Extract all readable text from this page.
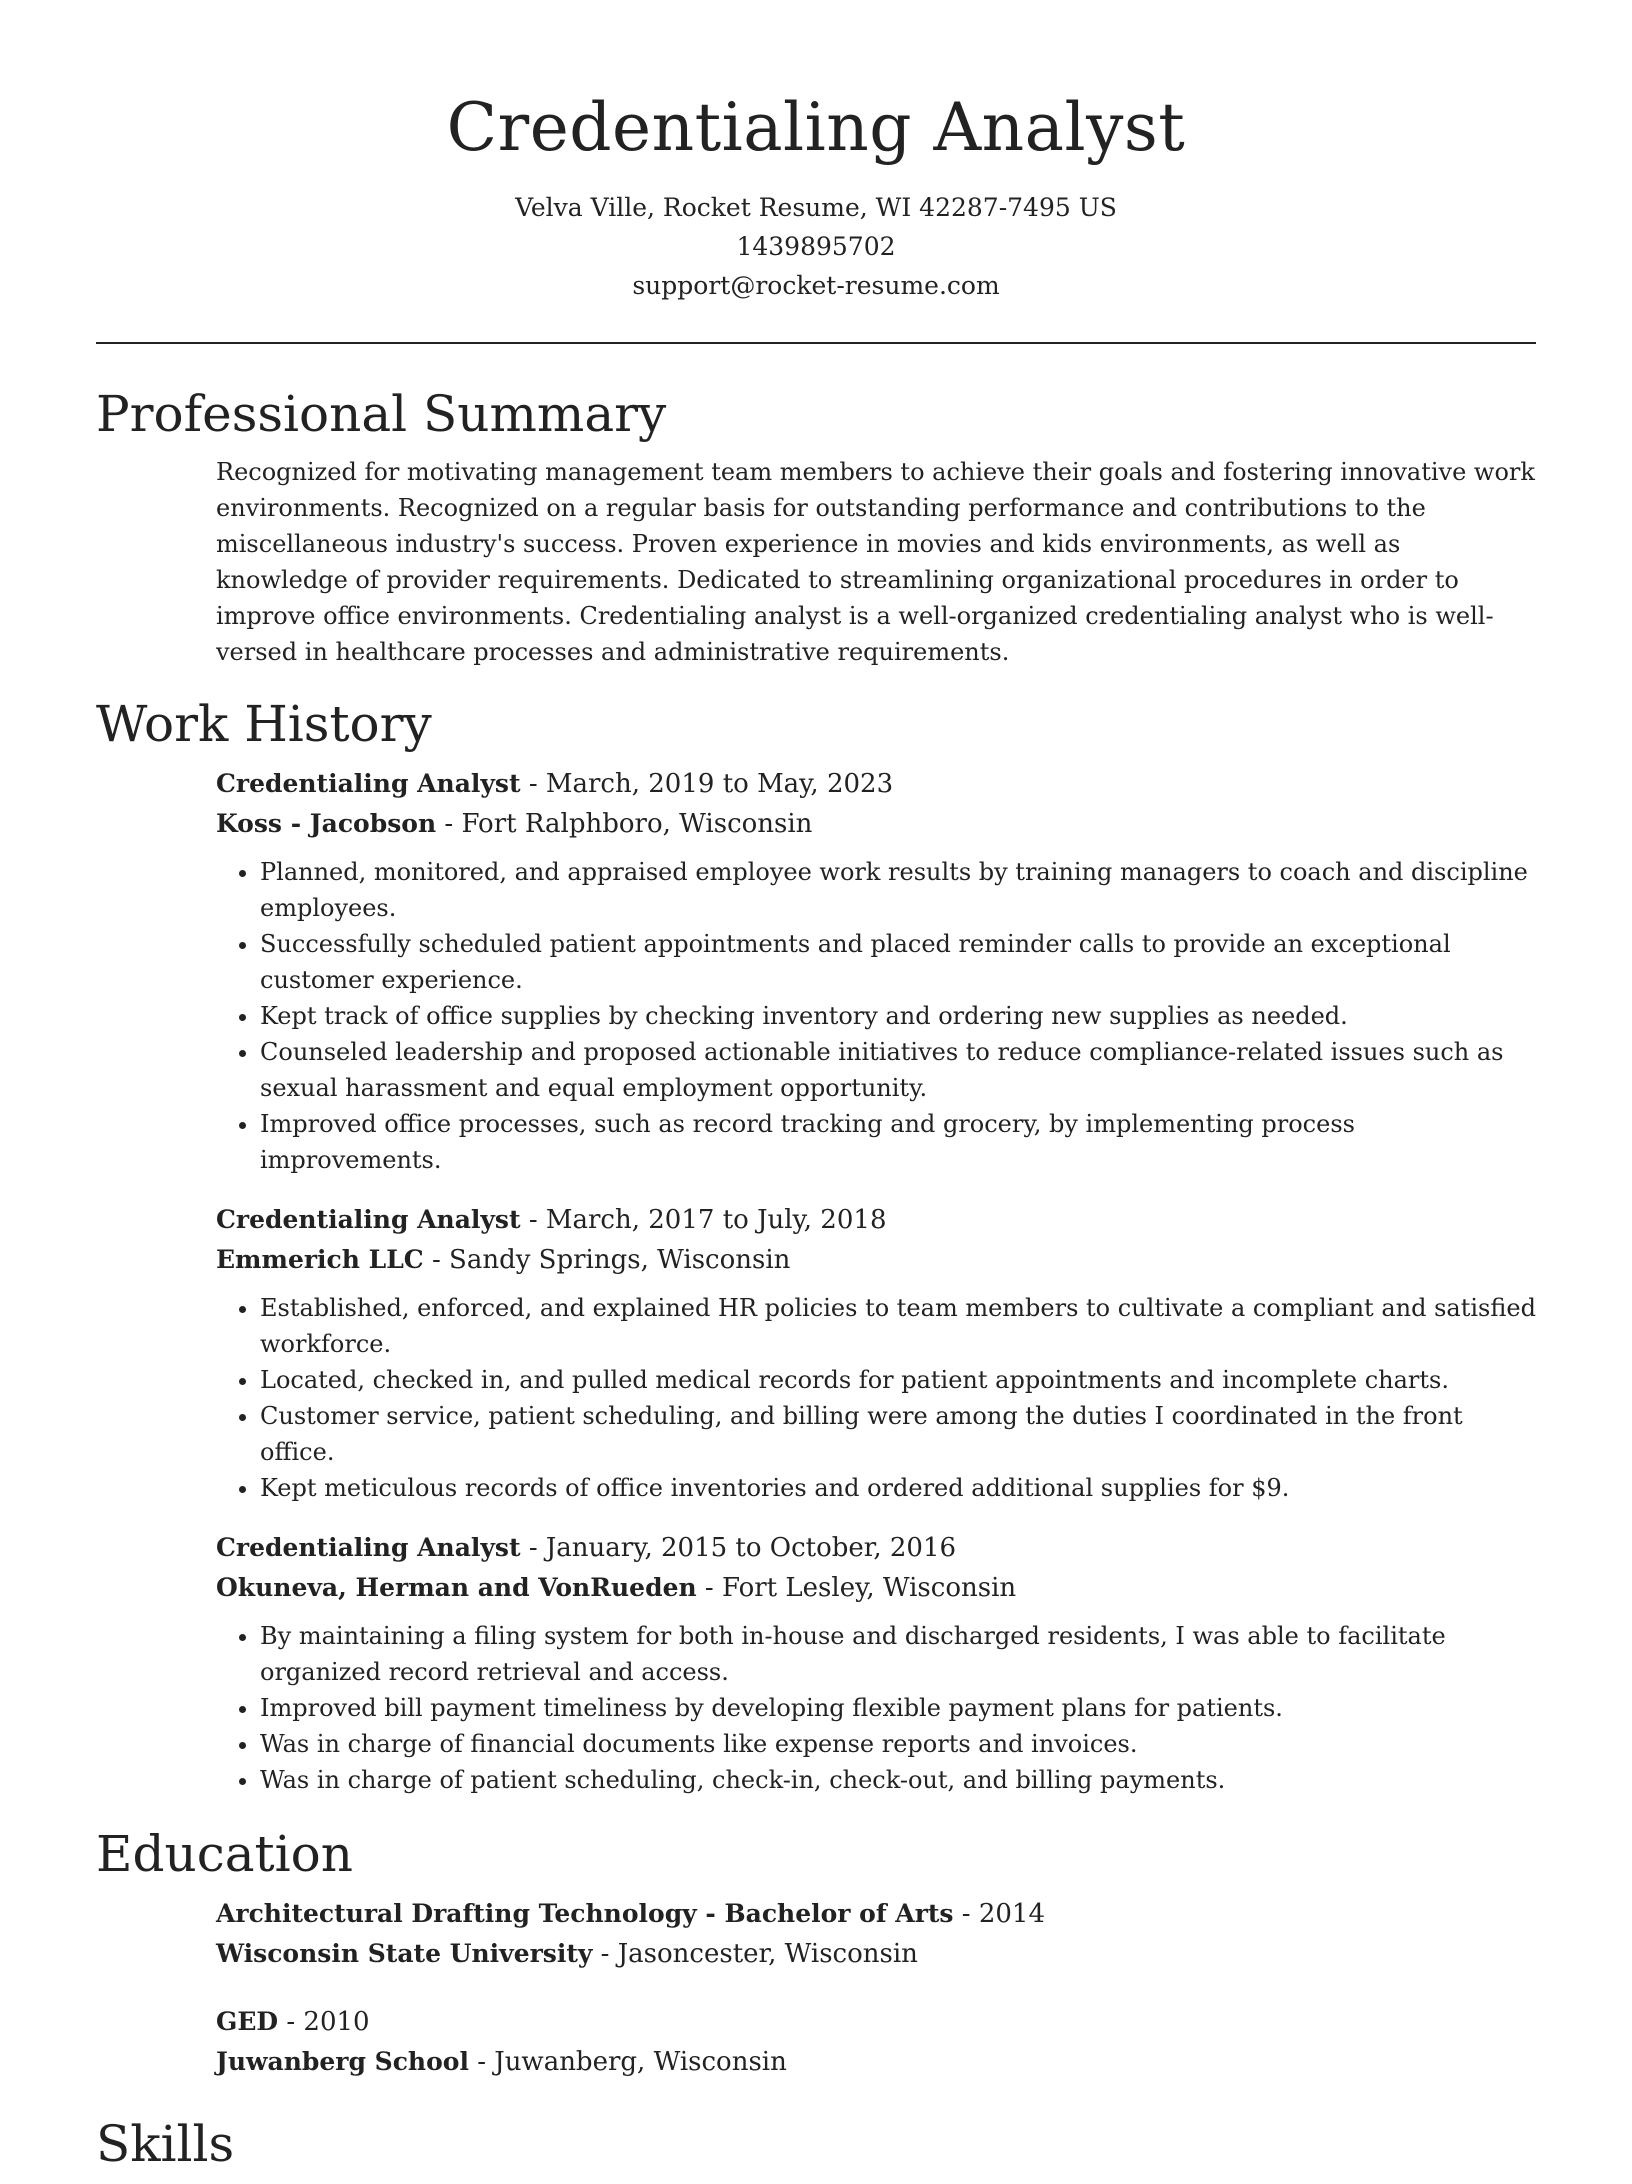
Credentialing Analyst
Velva Ville, Rocket Resume, WI 42287-7495 US
1439895702
support@rocket-resume.com
Professional Summary

Recognized for motivating management team members to achieve their goals and fostering innovative work environments. Recognized on a regular basis for outstanding performance and contributions to the miscellaneous industry's success. Proven experience in movies and kids environments, as well as knowledge of provider requirements. Dedicated to streamlining organizational procedures in order to improve office environments. Credentialing analyst is a well-organized credentialing analyst who is well-versed in healthcare processes and administrative requirements.

Work History

Credentialing Analyst - March, 2019 to May, 2023

Koss - Jacobson - Fort Ralphboro, Wisconsin

• Planned, monitored, and appraised employee work results by training managers to coach and discipline employees.
• Successfully scheduled patient appointments and placed reminder calls to provide an exceptional customer experience.
• Kept track of office supplies by checking inventory and ordering new supplies as needed.
• Counseled leadership and proposed actionable initiatives to reduce compliance-related issues such as sexual harassment and equal employment opportunity.
• Improved office processes, such as record tracking and grocery, by implementing process improvements.

Credentialing Analyst - March, 2017 to July, 2018

Emmerich LLC - Sandy Springs, Wisconsin

• Established, enforced, and explained HR policies to team members to cultivate a compliant and satisfied workforce.
• Located, checked in, and pulled medical records for patient appointments and incomplete charts.
• Customer service, patient scheduling, and billing were among the duties I coordinated in the front office.
• Kept meticulous records of office inventories and ordered additional supplies for $9.

Credentialing Analyst - January, 2015 to October, 2016

Okuneva, Herman and VonRueden - Fort Lesley, Wisconsin

• By maintaining a filing system for both in-house and discharged residents, I was able to facilitate organized record retrieval and access.
• Improved bill payment timeliness by developing flexible payment plans for patients.
• Was in charge of financial documents like expense reports and invoices.
• Was in charge of patient scheduling, check-in, check-out, and billing payments.
Education

Architectural Drafting Technology - Bachelor of Arts - 2014

Wisconsin State University - Jasoncester, Wisconsin

GED - 2010

Juwanberg School - Juwanberg, Wisconsin

Skills
